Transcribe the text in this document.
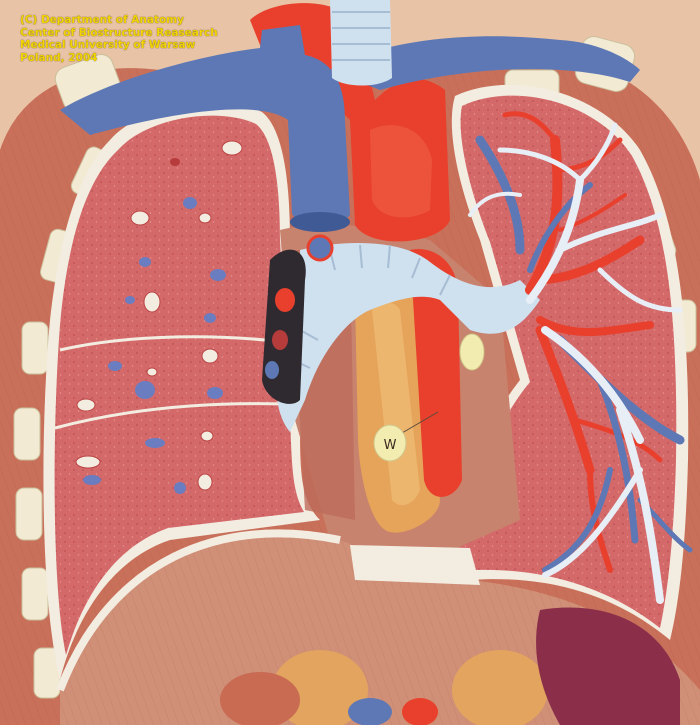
W

(C) Department of Anatomy
Center of Biostructure Reasearch
Medical University of Warsaw
Poland, 2004
